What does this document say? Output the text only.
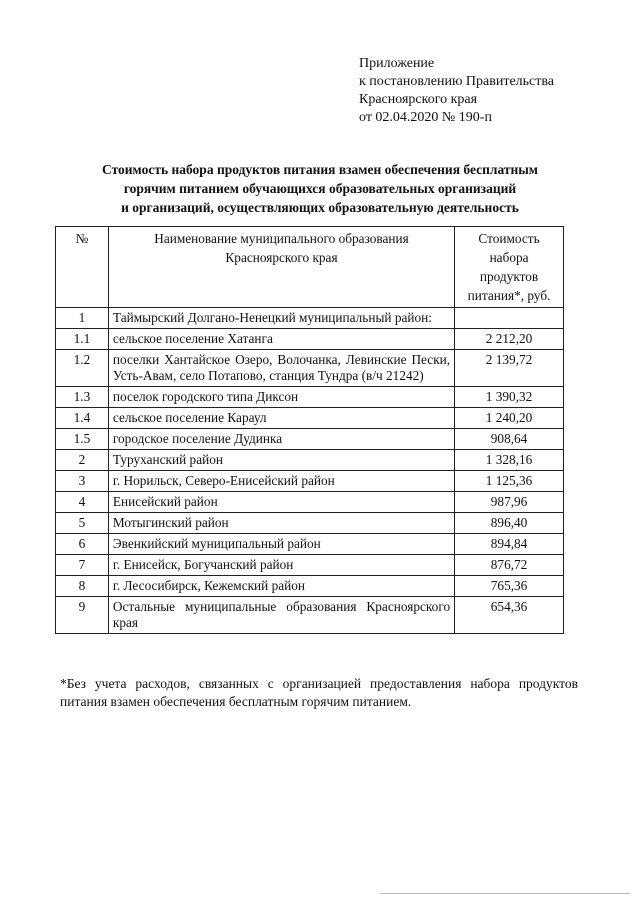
Приложение
к постановлению Правительства
Красноярского края
от 02.04.2020 № 190-п
Стоимость набора продуктов питания взамен обеспечения бесплатным
горячим питанием обучающихся образовательных организаций
и организаций, осуществляющих образовательную деятельность
№	Наименование муниципального образования Красноярского края	Стоимость набора продуктов питания*, руб.
1	Таймырский Долгано-Ненецкий муниципальный район:	
1.1	сельское поселение Хатанга	2 212,20
1.2	поселки Хантайское Озеро, Волочанка, Левинские Пески, Усть-Авам, село Потапово, станция Тундра (в/ч 21242)	2 139,72
1.3	поселок городского типа Диксон	1 390,32
1.4	сельское поселение Караул	1 240,20
1.5	городское поселение Дудинка	908,64
2	Туруханский район	1 328,16
3	г. Норильск, Северо-Енисейский район	1 125,36
4	Енисейский район	987,96
5	Мотыгинский район	896,40
6	Эвенкийский муниципальный район	894,84
7	г. Енисейск, Богучанский район	876,72
8	г. Лесосибирск, Кежемский район	765,36
9	Остальные муниципальные образования Красноярского края	654,36
*Без учета расходов, связанных с организацией предоставления набора продуктов питания взамен обеспечения бесплатным горячим питанием.
